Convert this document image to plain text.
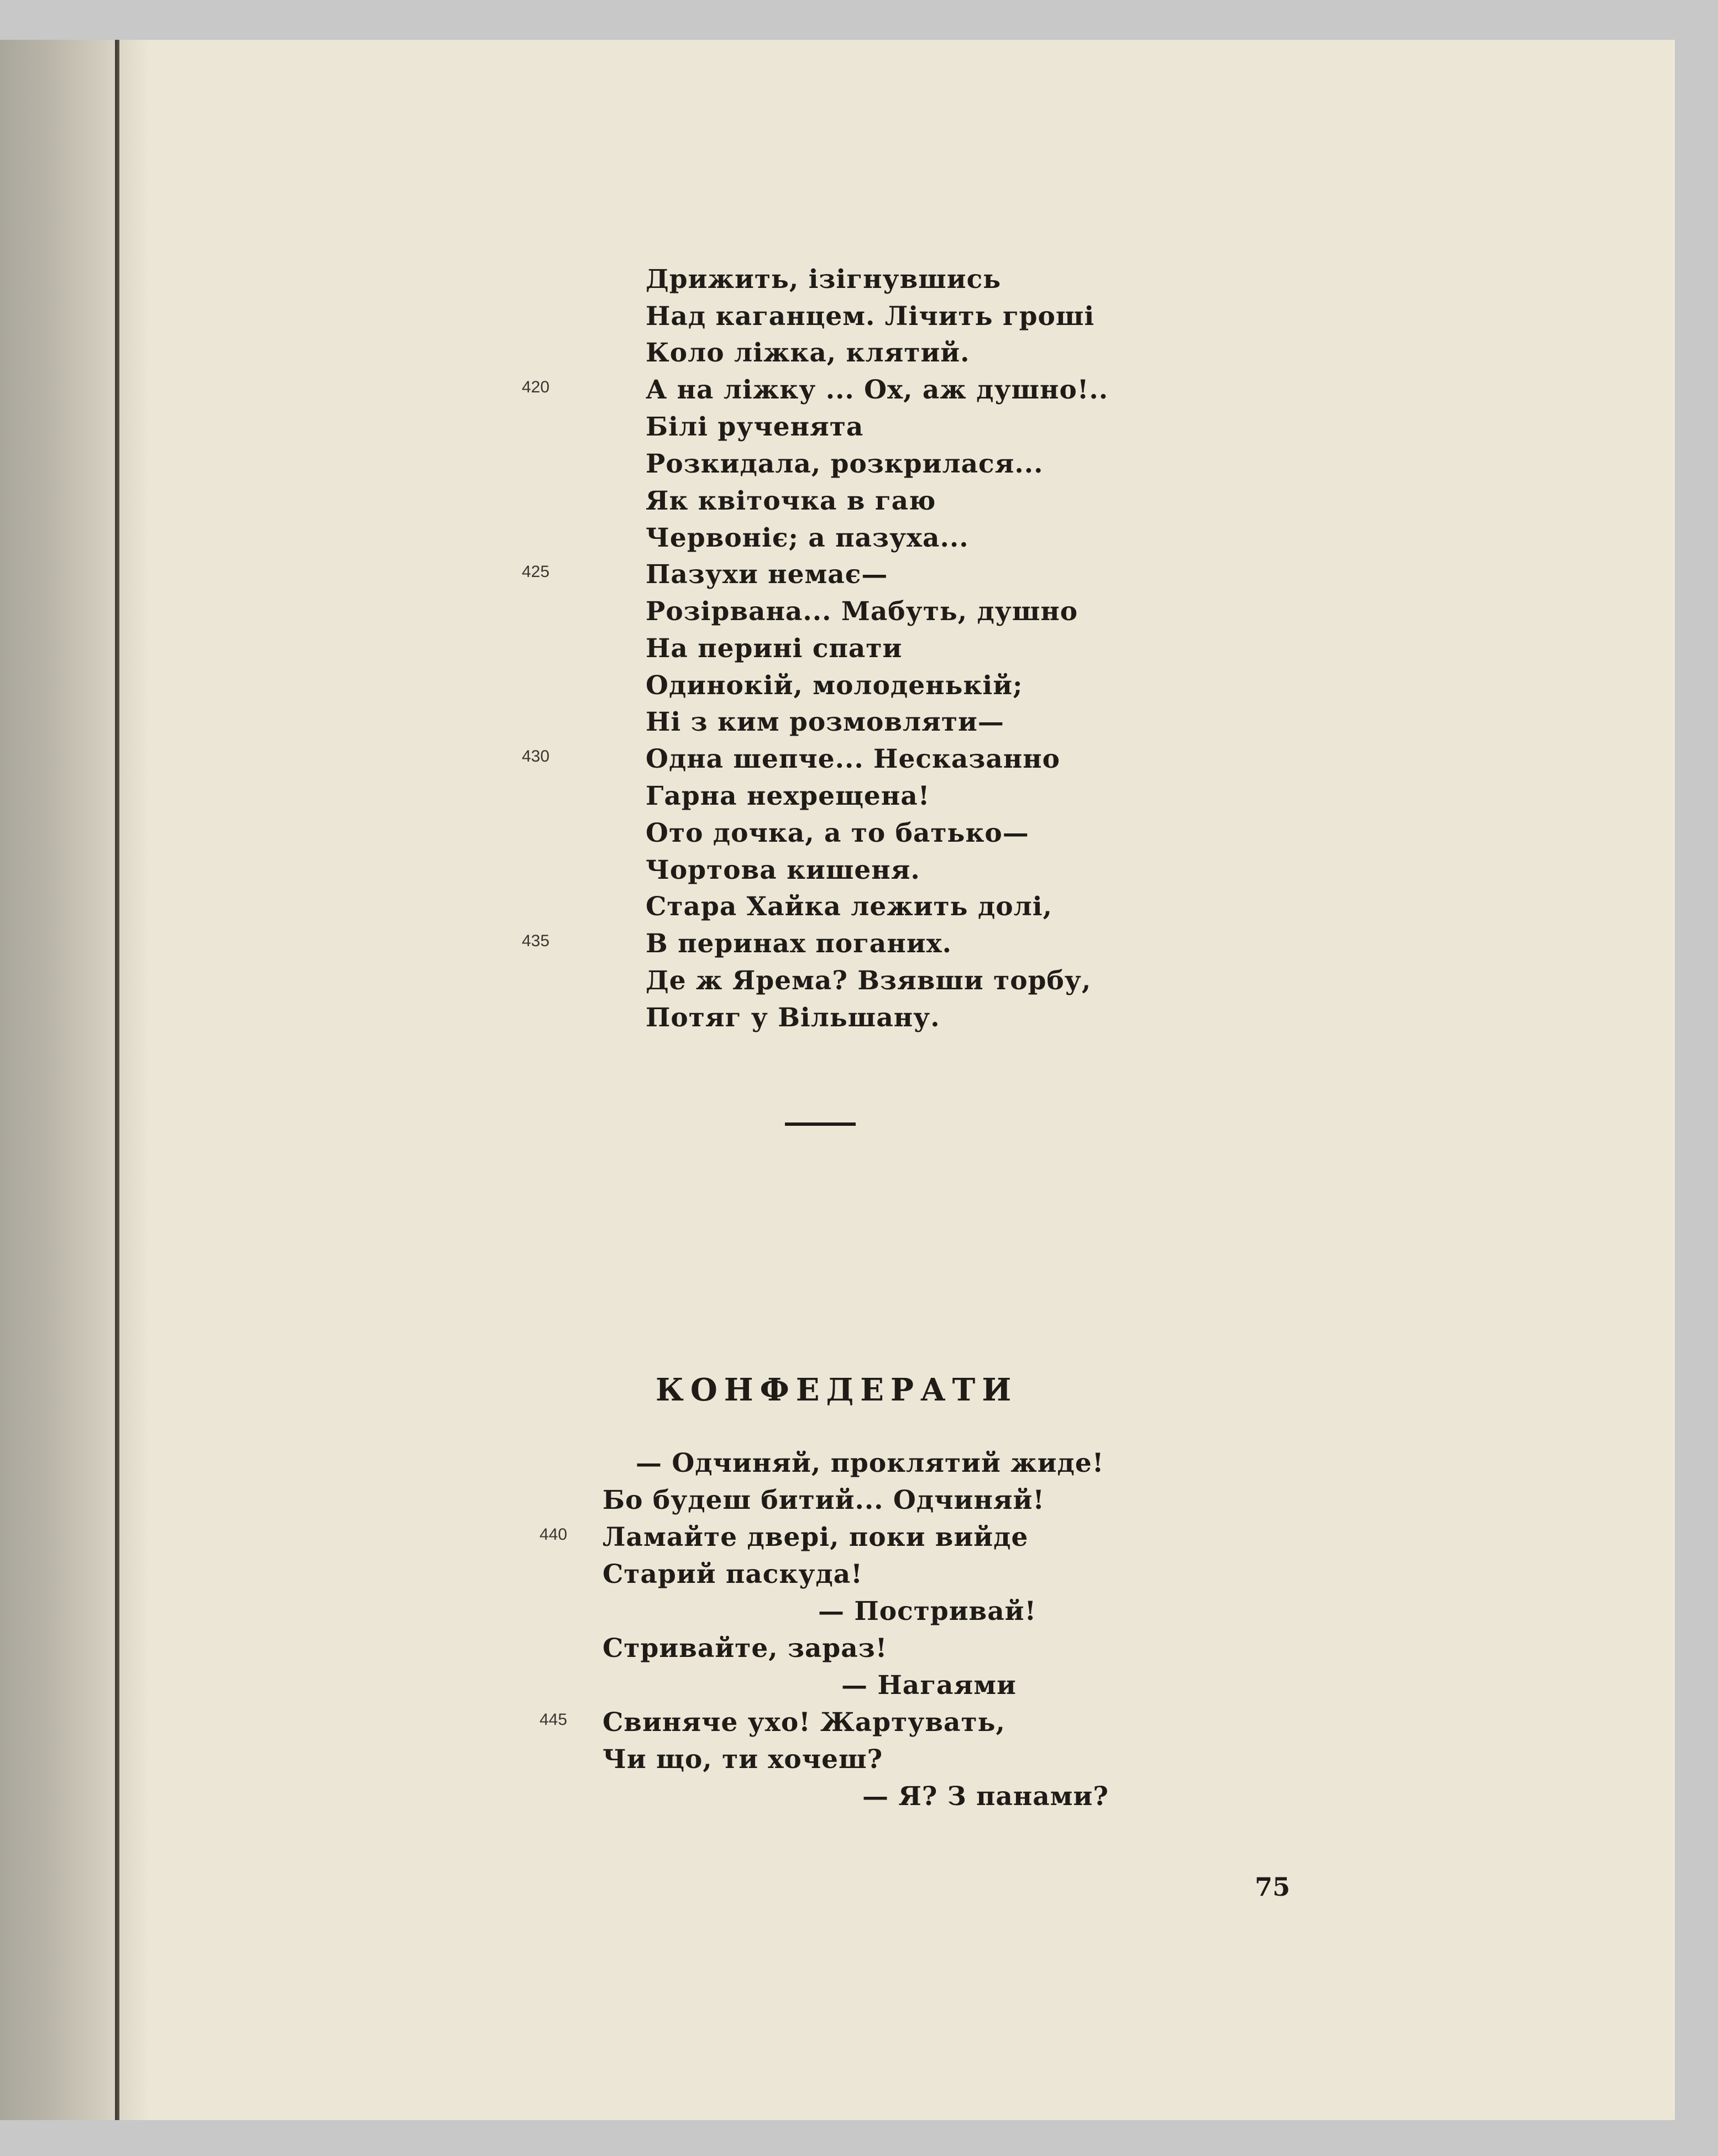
Дрижить, ізігнувшись
Над каганцем. Лічить гроші
Коло ліжка, клятий.
А на ліжку ... Ох, аж душно!..
Білі рученята
Розкидала, розкрилася...
Як квіточка в гаю
Червоніє; а пазуха...
Пазухи немає—
Розірвана... Мабуть, душно
На перині спати
Одинокій, молоденькій;
Ні з ким розмовляти—
Одна шепче... Несказанно
Гарна нехрещена!
Ото дочка, а то батько—
Чортова кишеня.
Стара Хайка лежить долі,
В перинах поганих.
Де ж Ярема? Взявши торбу,
Потяг у Вільшану.
420
425
430
435
КОНФЕДЕРАТИ
— Одчиняй, проклятий жиде!
Бо будеш битий... Одчиняй!
Ламайте двері, поки вийде
Старий паскуда!
— Постривай!
Стривайте, зараз!
— Нагаями
Свиняче ухо! Жартувать,
Чи що, ти хочеш?
— Я? З панами?
440
445
75
